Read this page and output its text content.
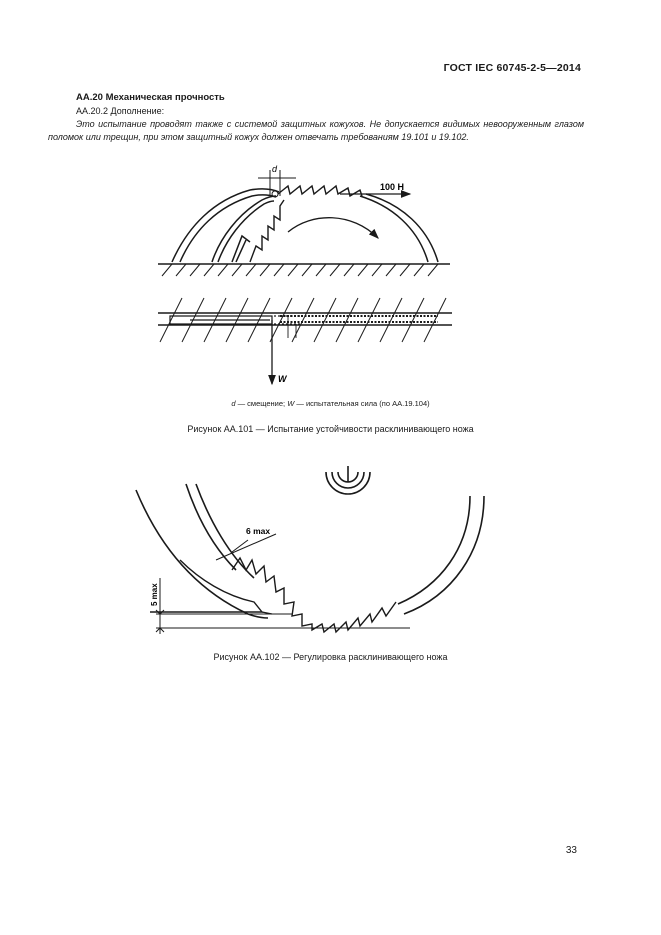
ГОСТ IEC 60745-2-5—2014
АА.20 Механическая прочность
АА.20.2 Дополнение:
Это испытание проводят также с системой защитных кожухов. Не допускается видимых невооруженным глазом поломок или трещин, при этом защитный кожух должен отвечать требованиям 19.101 и 19.102.
100 Н
d
W
6 max
5 max
d — смещение; W — испытательная сила (по АА.19.104)
Рисунок АА.101 — Испытание устойчивости расклинивающего ножа
Рисунок АА.102 — Регулировка расклинивающего ножа
33
